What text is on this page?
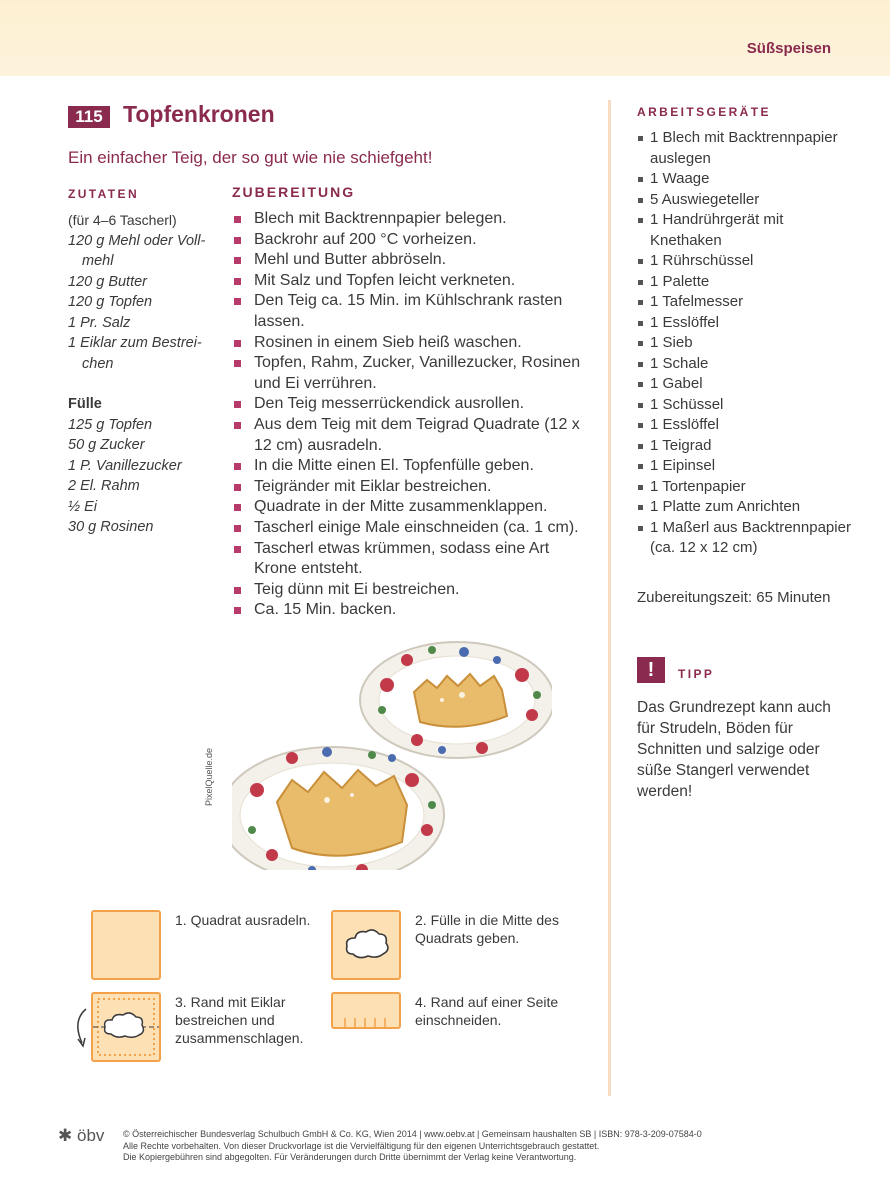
Süßspeisen
115 Topfenkronen
Ein einfacher Teig, der so gut wie nie schiefgeht!
ZUTATEN	ZUBEREITUNG
(für 4–6 Tascherl)
120 g Mehl oder Voll-
mehl
120 g Butter
120 g Topfen
1 Pr. Salz
1 Eiklar zum Bestrei-
chen
Fülle
125 g Topfen
50 g Zucker
1 P. Vanillezucker
2 El. Rahm
½ Ei
30 g Rosinen
Blech mit Backtrennpapier belegen.
Backrohr auf 200 °C vorheizen.
Mehl und Butter abbröseln.
Mit Salz und Topfen leicht verkneten.
Den Teig ca. 15 Min. im Kühlschrank rasten lassen.
Rosinen in einem Sieb heiß waschen.
Topfen, Rahm, Zucker, Vanillezucker, Rosinen und Ei verrühren.
Den Teig messerrückendick ausrollen.
Aus dem Teig mit dem Teigrad Quadrate (12 x 12 cm) ausradeln.
In die Mitte einen El. Topfenfülle geben.
Teigränder mit Eiklar bestreichen.
Quadrate in der Mitte zusammenklappen.
Tascherl einige Male einschneiden (ca. 1 cm).
Tascherl etwas krümmen, sodass eine Art Krone entsteht.
Teig dünn mit Ei bestreichen.
Ca. 15 Min. backen.
PixelQuelle.de
ARBEITSGERÄTE
1 Blech mit Backtrennpapier auslegen
1 Waage
5 Auswiegeteller
1 Handrührgerät mit Knethaken
1 Rührschüssel
1 Palette
1 Tafelmesser
1 Esslöffel
1 Sieb
1 Schale
1 Gabel
1 Schüssel
1 Esslöffel
1 Teigrad
1 Eipinsel
1 Tortenpapier
1 Platte zum Anrichten
1 Maßerl aus Backtrennpapier (ca. 12 x 12 cm)
Zubereitungszeit: 65 Minuten
!	TIPP
Das Grundrezept kann auch für Strudeln, Böden für Schnitten und salzige oder süße Stangerl verwendet werden!
1. Quadrat ausradeln.	2. Fülle in die Mitte des Quadrats geben.
3. Rand mit Eiklar bestreichen und zusammenschlagen.
4. Rand auf einer Seite einschneiden.
✱ öbv © Österreichischer Bundesverlag Schulbuch GmbH & Co. KG, Wien 2014 | www.oebv.at | Gemeinsam haushalten SB | ISBN: 978-3-209-07584-0
Alle Rechte vorbehalten. Von dieser Druckvorlage ist die Vervielfältigung für den eigenen Unterrichtsgebrauch gestattet.
Die Kopiergebühren sind abgegolten. Für Veränderungen durch Dritte übernimmt der Verlag keine Verantwortung.
